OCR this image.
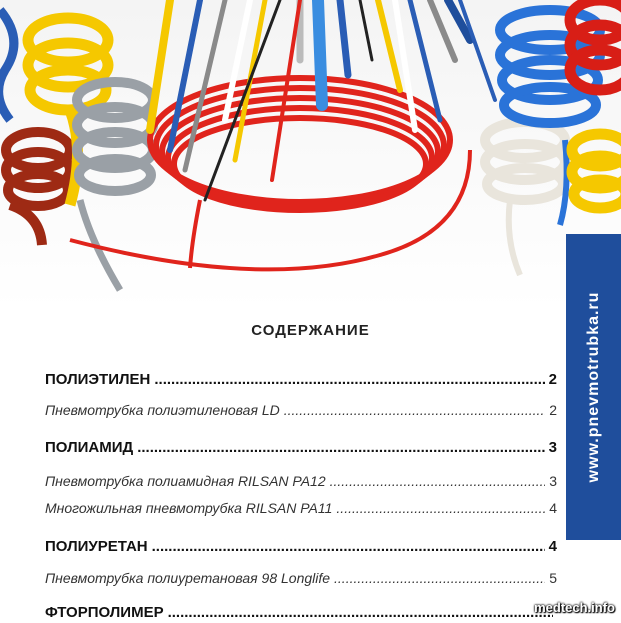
www.pnevmotrubka.ru
СОДЕРЖАНИЕ
ПОЛИЭТИЛЕН .....	2
Пневмотрубка полиэтиленовая LD .....	2
ПОЛИАМИД .....	3
Пневмотрубка полиамидная RILSAN PA12 .....	3
Многожильная пневмотрубка RILSAN PA11 .....	4
ПОЛИУРЕТАН .....	4
Пневмотрубка полиуретановая 98 Longlife .....	5
ФТОРПОЛИМЕР .....	medtech.info
